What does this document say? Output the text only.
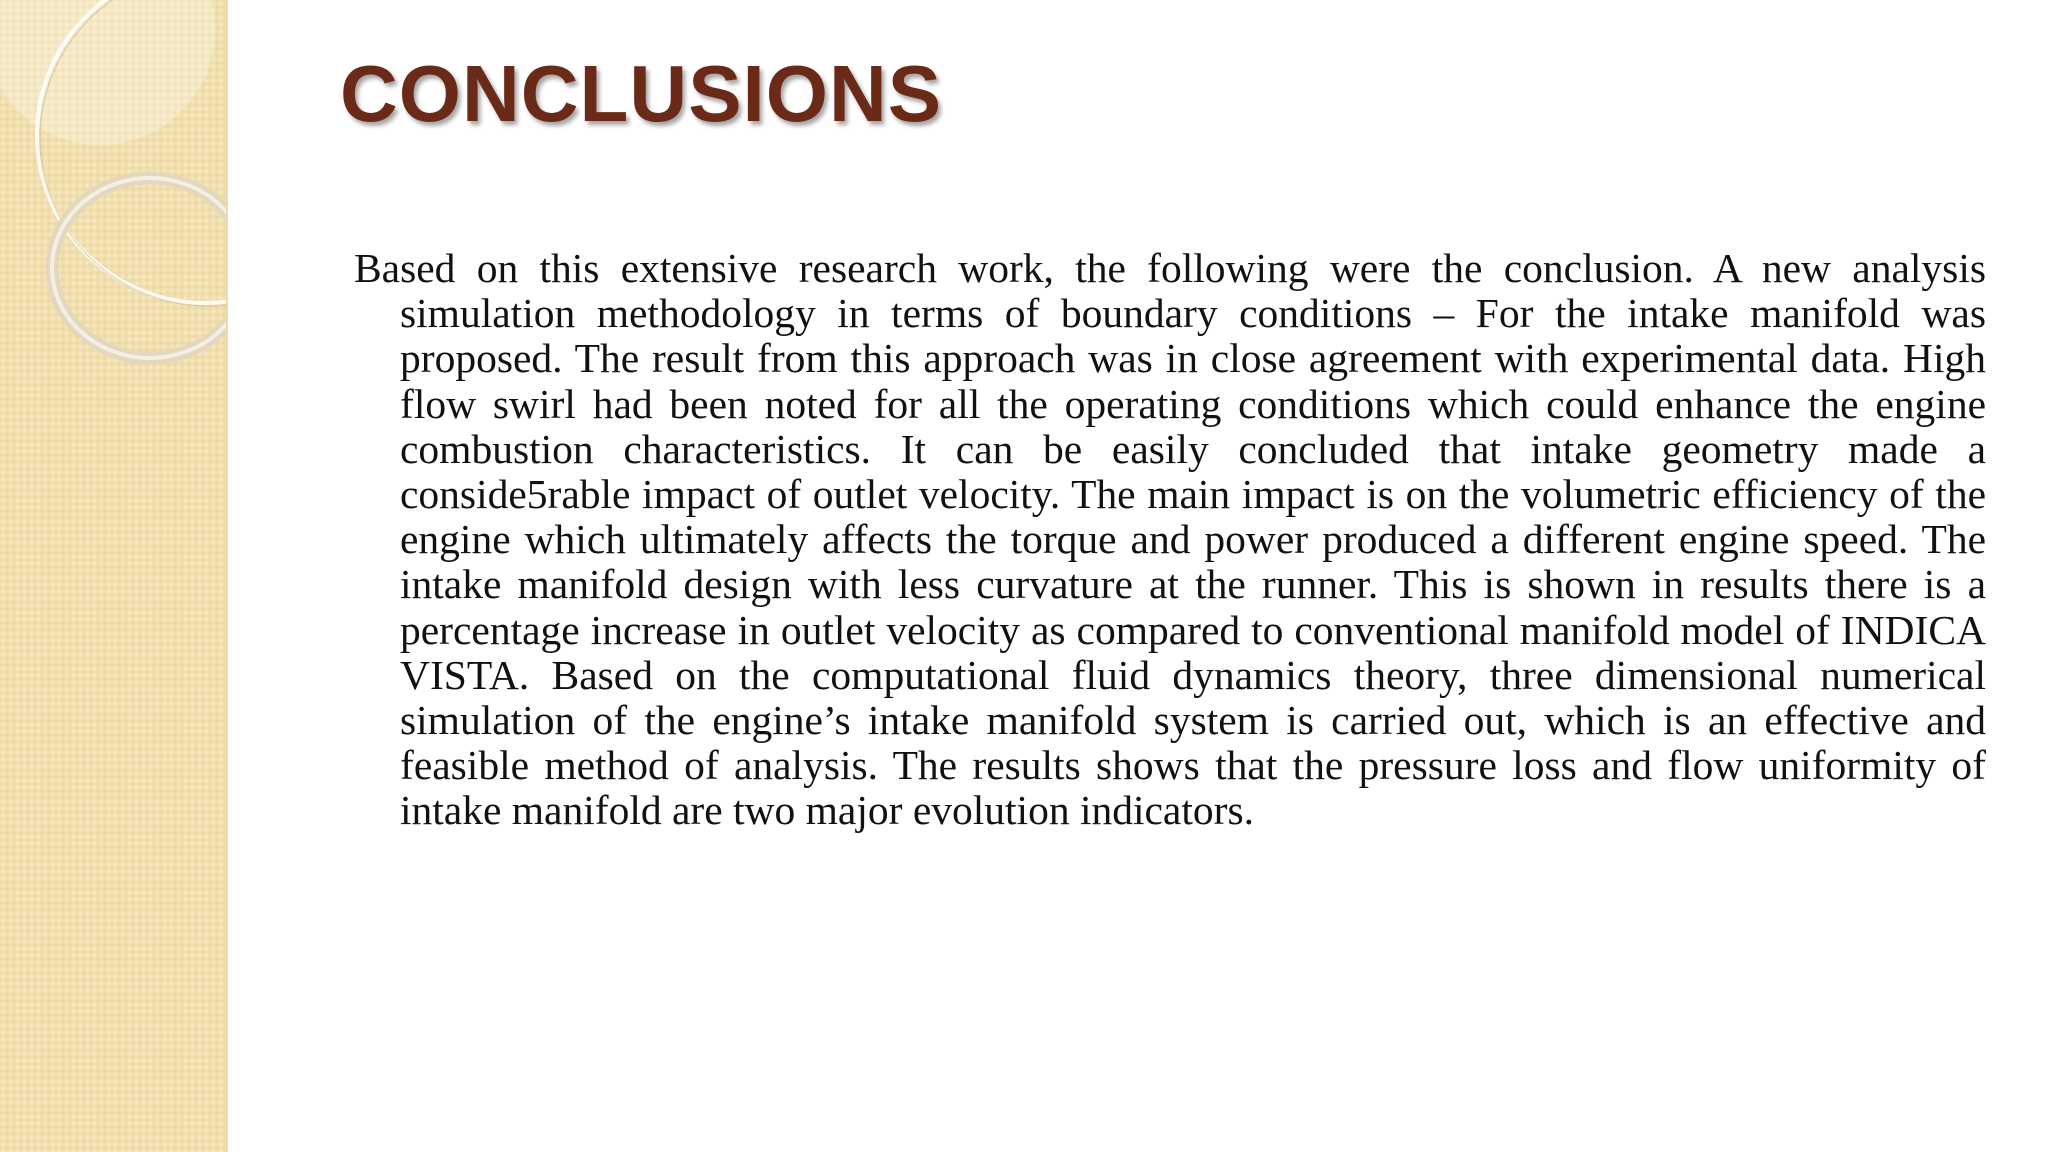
CONCLUSIONS

Based on this extensive research work, the following were the conclusion. A new analysis simulation methodology in terms of boundary conditions – For the intake manifold was proposed. The result from this approach was in close agreement with experimental data. High flow swirl had been noted for all the operating conditions which could enhance the engine combustion characteristics. It can be easily concluded that intake geometry made a conside5rable impact of outlet velocity. The main impact is on the volumetric efficiency of the engine which ultimately affects the torque and power produced a different engine speed. The intake manifold design with less curvature at the runner. This is shown in results there is a percentage increase in outlet velocity as compared to conventional manifold model of INDICA VISTA. Based on the computational fluid dynamics theory, three dimensional numerical simulation of the engine’s intake manifold system is carried out, which is an effective and feasible method of analysis. The results shows that the pressure loss and flow uniformity of intake manifold are two major evolution indicators.
